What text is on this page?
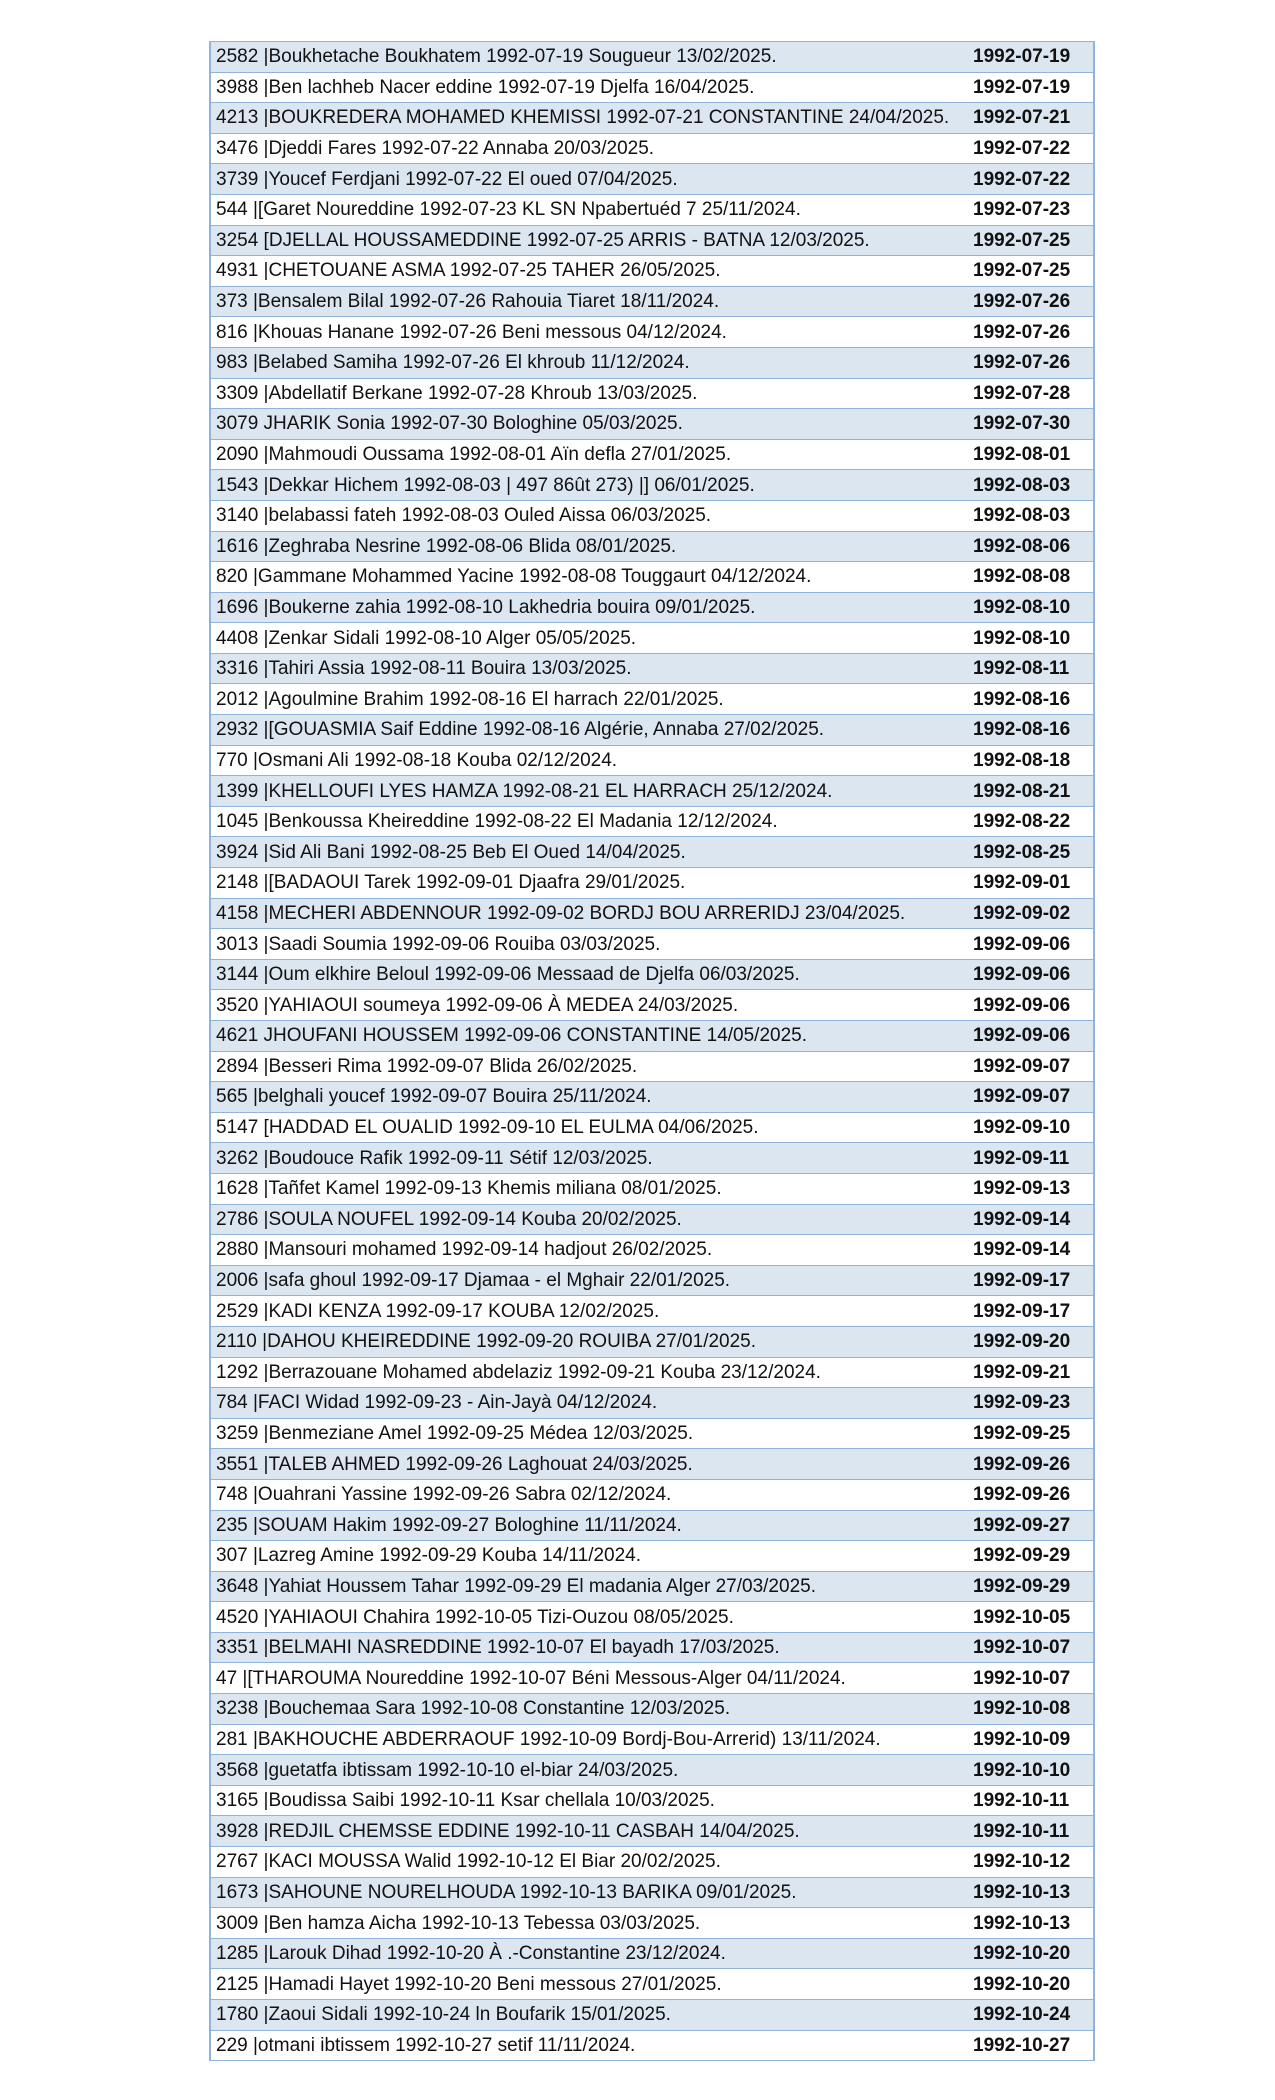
2582 |Boukhetache Boukhatem 1992-07-19 Sougueur 13/02/2025.	1992-07-19
3988 |Ben lachheb Nacer eddine 1992-07-19 Djelfa 16/04/2025.	1992-07-19
4213 |BOUKREDERA MOHAMED KHEMISSI 1992-07-21 CONSTANTINE 24/04/2025.	1992-07-21
3476 |Djeddi Fares 1992-07-22 Annaba 20/03/2025.	1992-07-22
3739 |Youcef Ferdjani 1992-07-22 El oued 07/04/2025.	1992-07-22
544 |[Garet Noureddine 1992-07-23 KL SN Npabertuéd 7 25/11/2024.	1992-07-23
3254 [DJELLAL HOUSSAMEDDINE 1992-07-25 ARRIS - BATNA 12/03/2025.	1992-07-25
4931 |CHETOUANE ASMA 1992-07-25 TAHER 26/05/2025.	1992-07-25
373 |Bensalem Bilal 1992-07-26 Rahouia Tiaret 18/11/2024.	1992-07-26
816 |Khouas Hanane 1992-07-26 Beni messous 04/12/2024.	1992-07-26
983 |Belabed Samiha 1992-07-26 El khroub 11/12/2024.	1992-07-26
3309 |Abdellatif Berkane 1992-07-28 Khroub 13/03/2025.	1992-07-28
3079 JHARIK Sonia 1992-07-30 Bologhine 05/03/2025.	1992-07-30
2090 |Mahmoudi Oussama 1992-08-01 Aïn defla 27/01/2025.	1992-08-01
1543 |Dekkar Hichem 1992-08-03 | 497 86ût 273) |] 06/01/2025.	1992-08-03
3140 |belabassi fateh 1992-08-03 Ouled Aissa 06/03/2025.	1992-08-03
1616 |Zeghraba Nesrine 1992-08-06 Blida 08/01/2025.	1992-08-06
820 |Gammane Mohammed Yacine 1992-08-08 Touggaurt 04/12/2024.	1992-08-08
1696 |Boukerne zahia 1992-08-10 Lakhedria bouira 09/01/2025.	1992-08-10
4408 |Zenkar Sidali 1992-08-10 Alger 05/05/2025.	1992-08-10
3316 |Tahiri Assia 1992-08-11 Bouira 13/03/2025.	1992-08-11
2012 |Agoulmine Brahim 1992-08-16 El harrach 22/01/2025.	1992-08-16
2932 |[GOUASMIA Saif Eddine 1992-08-16 Algérie, Annaba 27/02/2025.	1992-08-16
770 |Osmani Ali 1992-08-18 Kouba 02/12/2024.	1992-08-18
1399 |KHELLOUFI LYES HAMZA 1992-08-21 EL HARRACH 25/12/2024.	1992-08-21
1045 |Benkoussa Kheireddine 1992-08-22 El Madania 12/12/2024.	1992-08-22
3924 |Sid Ali Bani 1992-08-25 Beb El Oued 14/04/2025.	1992-08-25
2148 |[BADAOUI Tarek 1992-09-01 Djaafra 29/01/2025.	1992-09-01
4158 |MECHERI ABDENNOUR 1992-09-02 BORDJ BOU ARRERIDJ 23/04/2025.	1992-09-02
3013 |Saadi Soumia 1992-09-06 Rouiba 03/03/2025.	1992-09-06
3144 |Oum elkhire Beloul 1992-09-06 Messaad de Djelfa 06/03/2025.	1992-09-06
3520 |YAHIAOUI soumeya 1992-09-06 À MEDEA 24/03/2025.	1992-09-06
4621 JHOUFANI HOUSSEM 1992-09-06 CONSTANTINE 14/05/2025.	1992-09-06
2894 |Besseri Rima 1992-09-07 Blida 26/02/2025.	1992-09-07
565 |belghali youcef 1992-09-07 Bouira 25/11/2024.	1992-09-07
5147 [HADDAD EL OUALID 1992-09-10 EL EULMA 04/06/2025.	1992-09-10
3262 |Boudouce Rafik 1992-09-11 Sétif 12/03/2025.	1992-09-11
1628 |Tañfet Kamel 1992-09-13 Khemis miliana 08/01/2025.	1992-09-13
2786 |SOULA NOUFEL 1992-09-14 Kouba 20/02/2025.	1992-09-14
2880 |Mansouri mohamed 1992-09-14 hadjout 26/02/2025.	1992-09-14
2006 |safa ghoul 1992-09-17 Djamaa - el Mghair 22/01/2025.	1992-09-17
2529 |KADI KENZA 1992-09-17 KOUBA 12/02/2025.	1992-09-17
2110 |DAHOU KHEIREDDINE 1992-09-20 ROUIBA 27/01/2025.	1992-09-20
1292 |Berrazouane Mohamed abdelaziz 1992-09-21 Kouba 23/12/2024.	1992-09-21
784 |FACI Widad 1992-09-23 - Ain-Jayà 04/12/2024.	1992-09-23
3259 |Benmeziane Amel 1992-09-25 Médea 12/03/2025.	1992-09-25
3551 |TALEB AHMED 1992-09-26 Laghouat 24/03/2025.	1992-09-26
748 |Ouahrani Yassine 1992-09-26 Sabra 02/12/2024.	1992-09-26
235 |SOUAM Hakim 1992-09-27 Bologhine 11/11/2024.	1992-09-27
307 |Lazreg Amine 1992-09-29 Kouba 14/11/2024.	1992-09-29
3648 |Yahiat Houssem Tahar 1992-09-29 El madania Alger 27/03/2025.	1992-09-29
4520 |YAHIAOUI Chahira 1992-10-05 Tizi-Ouzou 08/05/2025.	1992-10-05
3351 |BELMAHI NASREDDINE 1992-10-07 El bayadh 17/03/2025.	1992-10-07
47 |[THAROUMA Noureddine 1992-10-07 Béni Messous-Alger 04/11/2024.	1992-10-07
3238 |Bouchemaa Sara 1992-10-08 Constantine 12/03/2025.	1992-10-08
281 |BAKHOUCHE ABDERRAOUF 1992-10-09 Bordj-Bou-Arrerid) 13/11/2024.	1992-10-09
3568 |guetatfa ibtissam 1992-10-10 el-biar 24/03/2025.	1992-10-10
3165 |Boudissa Saibi 1992-10-11 Ksar chellala 10/03/2025.	1992-10-11
3928 |REDJIL CHEMSSE EDDINE 1992-10-11 CASBAH 14/04/2025.	1992-10-11
2767 |KACI MOUSSA Walid 1992-10-12 El Biar 20/02/2025.	1992-10-12
1673 |SAHOUNE NOURELHOUDA 1992-10-13 BARIKA 09/01/2025.	1992-10-13
3009 |Ben hamza Aicha 1992-10-13 Tebessa 03/03/2025.	1992-10-13
1285 |Larouk Dihad 1992-10-20 À .-Constantine 23/12/2024.	1992-10-20
2125 |Hamadi Hayet 1992-10-20 Beni messous 27/01/2025.	1992-10-20
1780 |Zaoui Sidali 1992-10-24 ln Boufarik 15/01/2025.	1992-10-24
229 |otmani ibtissem 1992-10-27 setif 11/11/2024.	1992-10-27
